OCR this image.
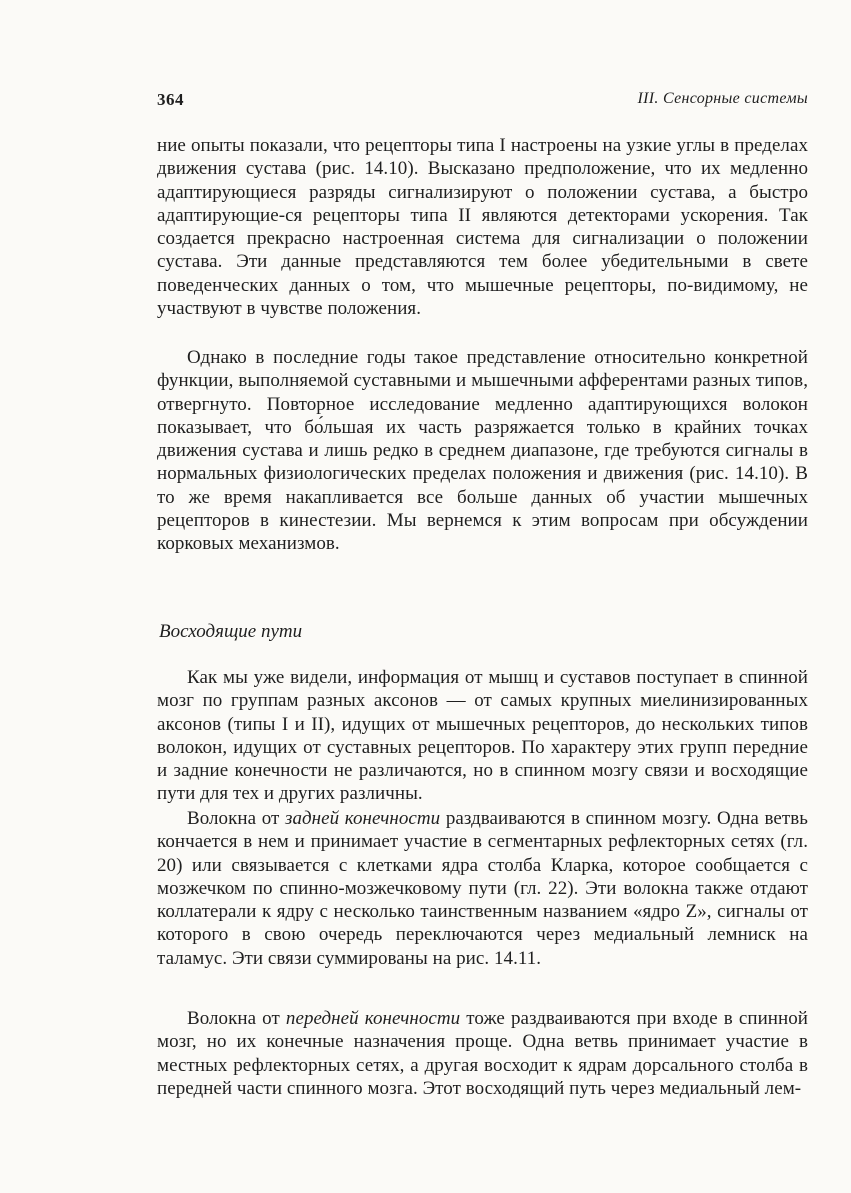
364	III. Сенсорные системы

ние опыты показали, что рецепторы типа I настроены на узкие углы в пределах движения сустава (рис. 14.10). Высказано предположение, что их медленно адаптирующиеся разряды сигнализируют о положении сустава, а быстро адаптирующие-ся рецепторы типа II являются детекторами ускорения. Так создается прекрасно настроенная система для сигнализации о положении сустава. Эти данные представляются тем более убедительными в свете поведенческих данных о том, что мышечные рецепторы, по-видимому, не участвуют в чувстве положения.

Однако в последние годы такое представление относительно конкретной функции, выполняемой суставными и мышечными афферентами разных типов, отвергнуто. Повторное исследование медленно адаптирующихся волокон показывает, что бо́льшая их часть разряжается только в крайних точках движения сустава и лишь редко в среднем диапазоне, где требуются сигналы в нормальных физиологических пределах положения и движения (рис. 14.10). В то же время накапливается все больше данных об участии мышечных рецепторов в кинестезии. Мы вернемся к этим вопросам при обсуждении корковых механизмов.

Восходящие пути

Как мы уже видели, информация от мышц и суставов поступает в спинной мозг по группам разных аксонов — от самых крупных миелинизированных аксонов (типы I и II), идущих от мышечных рецепторов, до нескольких типов волокон, идущих от суставных рецепторов. По характеру этих групп передние и задние конечности не различаются, но в спинном мозгу связи и восходящие пути для тех и других различны.

Волокна от задней конечности раздваиваются в спинном мозгу. Одна ветвь кончается в нем и принимает участие в сегментарных рефлекторных сетях (гл. 20) или связывается с клетками ядра столба Кларка, которое сообщается с мозжечком по спинно-мозжечковому пути (гл. 22). Эти волокна также отдают коллатерали к ядру с несколько таинственным названием «ядро Z», сигналы от которого в свою очередь переключаются через медиальный лемниск на таламус. Эти связи суммированы на рис. 14.11.

Волокна от передней конечности тоже раздваиваются при входе в спинной мозг, но их конечные назначения проще. Одна ветвь принимает участие в местных рефлекторных сетях, а другая восходит к ядрам дорсального столба в передней части спинного мозга. Этот восходящий путь через медиальный лем-
